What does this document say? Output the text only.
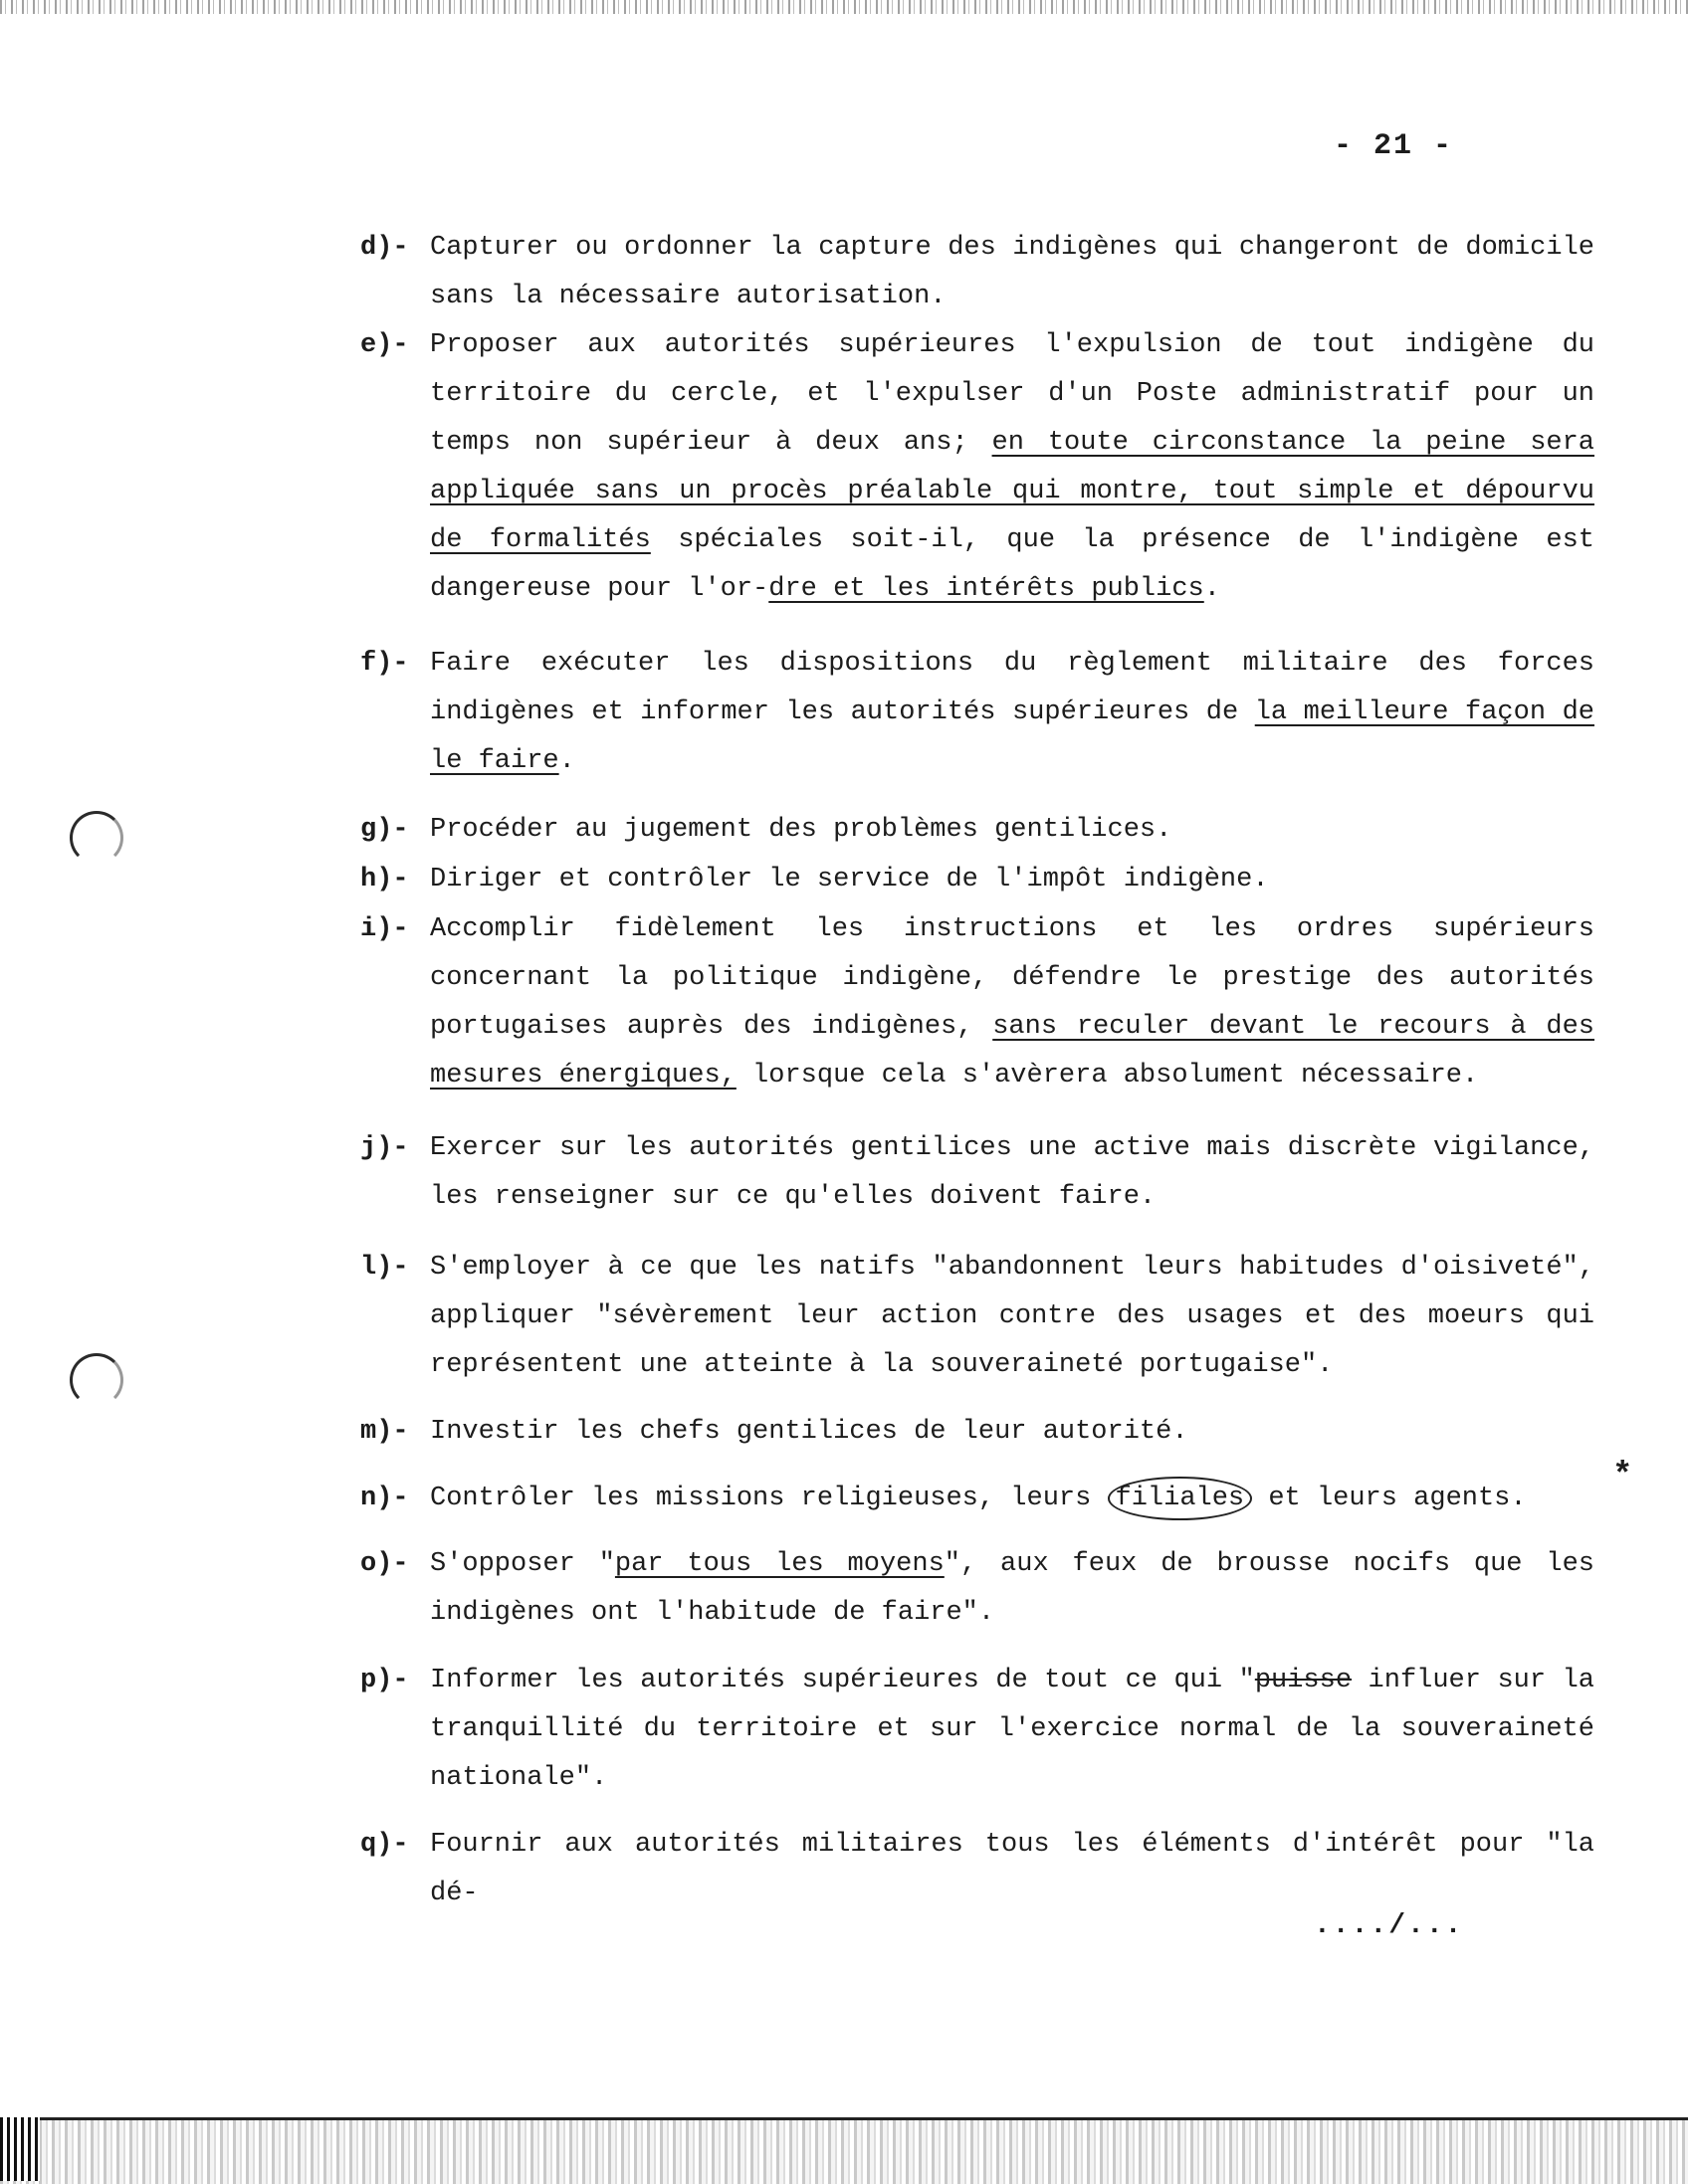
- 21 -
d)- Capturer ou ordonner la capture des indigènes qui changeront de domicile sans la nécessaire autorisation.
e)- Proposer aux autorités supérieures l'expulsion de tout indigène du territoire du cercle, et l'expulser d'un Poste administratif pour un temps non supérieur à deux ans; en toute circonstance la peine sera appliquée sans un procès préalable qui montre, tout simple et dépourvu de formalités spéciales soit-il, que la présence de l'indigène est dangereuse pour l'or-dre et les intérêts publics.
f)- Faire exécuter les dispositions du règlement militaire des forces indigènes et informer les autorités supérieures de la meilleure façon de le faire.
g)- Procéder au jugement des problèmes gentilices.
h)- Diriger et contrôler le service de l'impôt indigène.
i)- Accomplir fidèlement les instructions et les ordres supérieurs concernant la politique indigène, défendre le prestige des autorités portugaises auprès des indigènes, sans reculer devant le recours à des mesures énergiques, lorsque cela s'avèrera absolument nécessaire.
j)- Exercer sur les autorités gentilices une active mais discrète vigilance, les renseigner sur ce qu'elles doivent faire.
l)- S'employer à ce que les natifs "abandonnent leurs habitudes d'oisiveté", appliquer "sévèrement leur action contre des usages et des moeurs qui représentent une atteinte à la souveraineté portugaise".
m)- Investir les chefs gentilices de leur autorité.
n)- Contrôler les missions religieuses, leurs filiales et leurs agents.
o)- S'opposer "par tous les moyens", aux feux de brousse nocifs que les indigènes ont l'habitude de faire".
p)- Informer les autorités supérieures de tout ce qui "puisse influer sur la tranquillité du territoire et sur l'exercice normal de la souveraineté nationale".
q)- Fournir aux autorités militaires tous les éléments d'intérêt pour "la dé-
*
..../...
